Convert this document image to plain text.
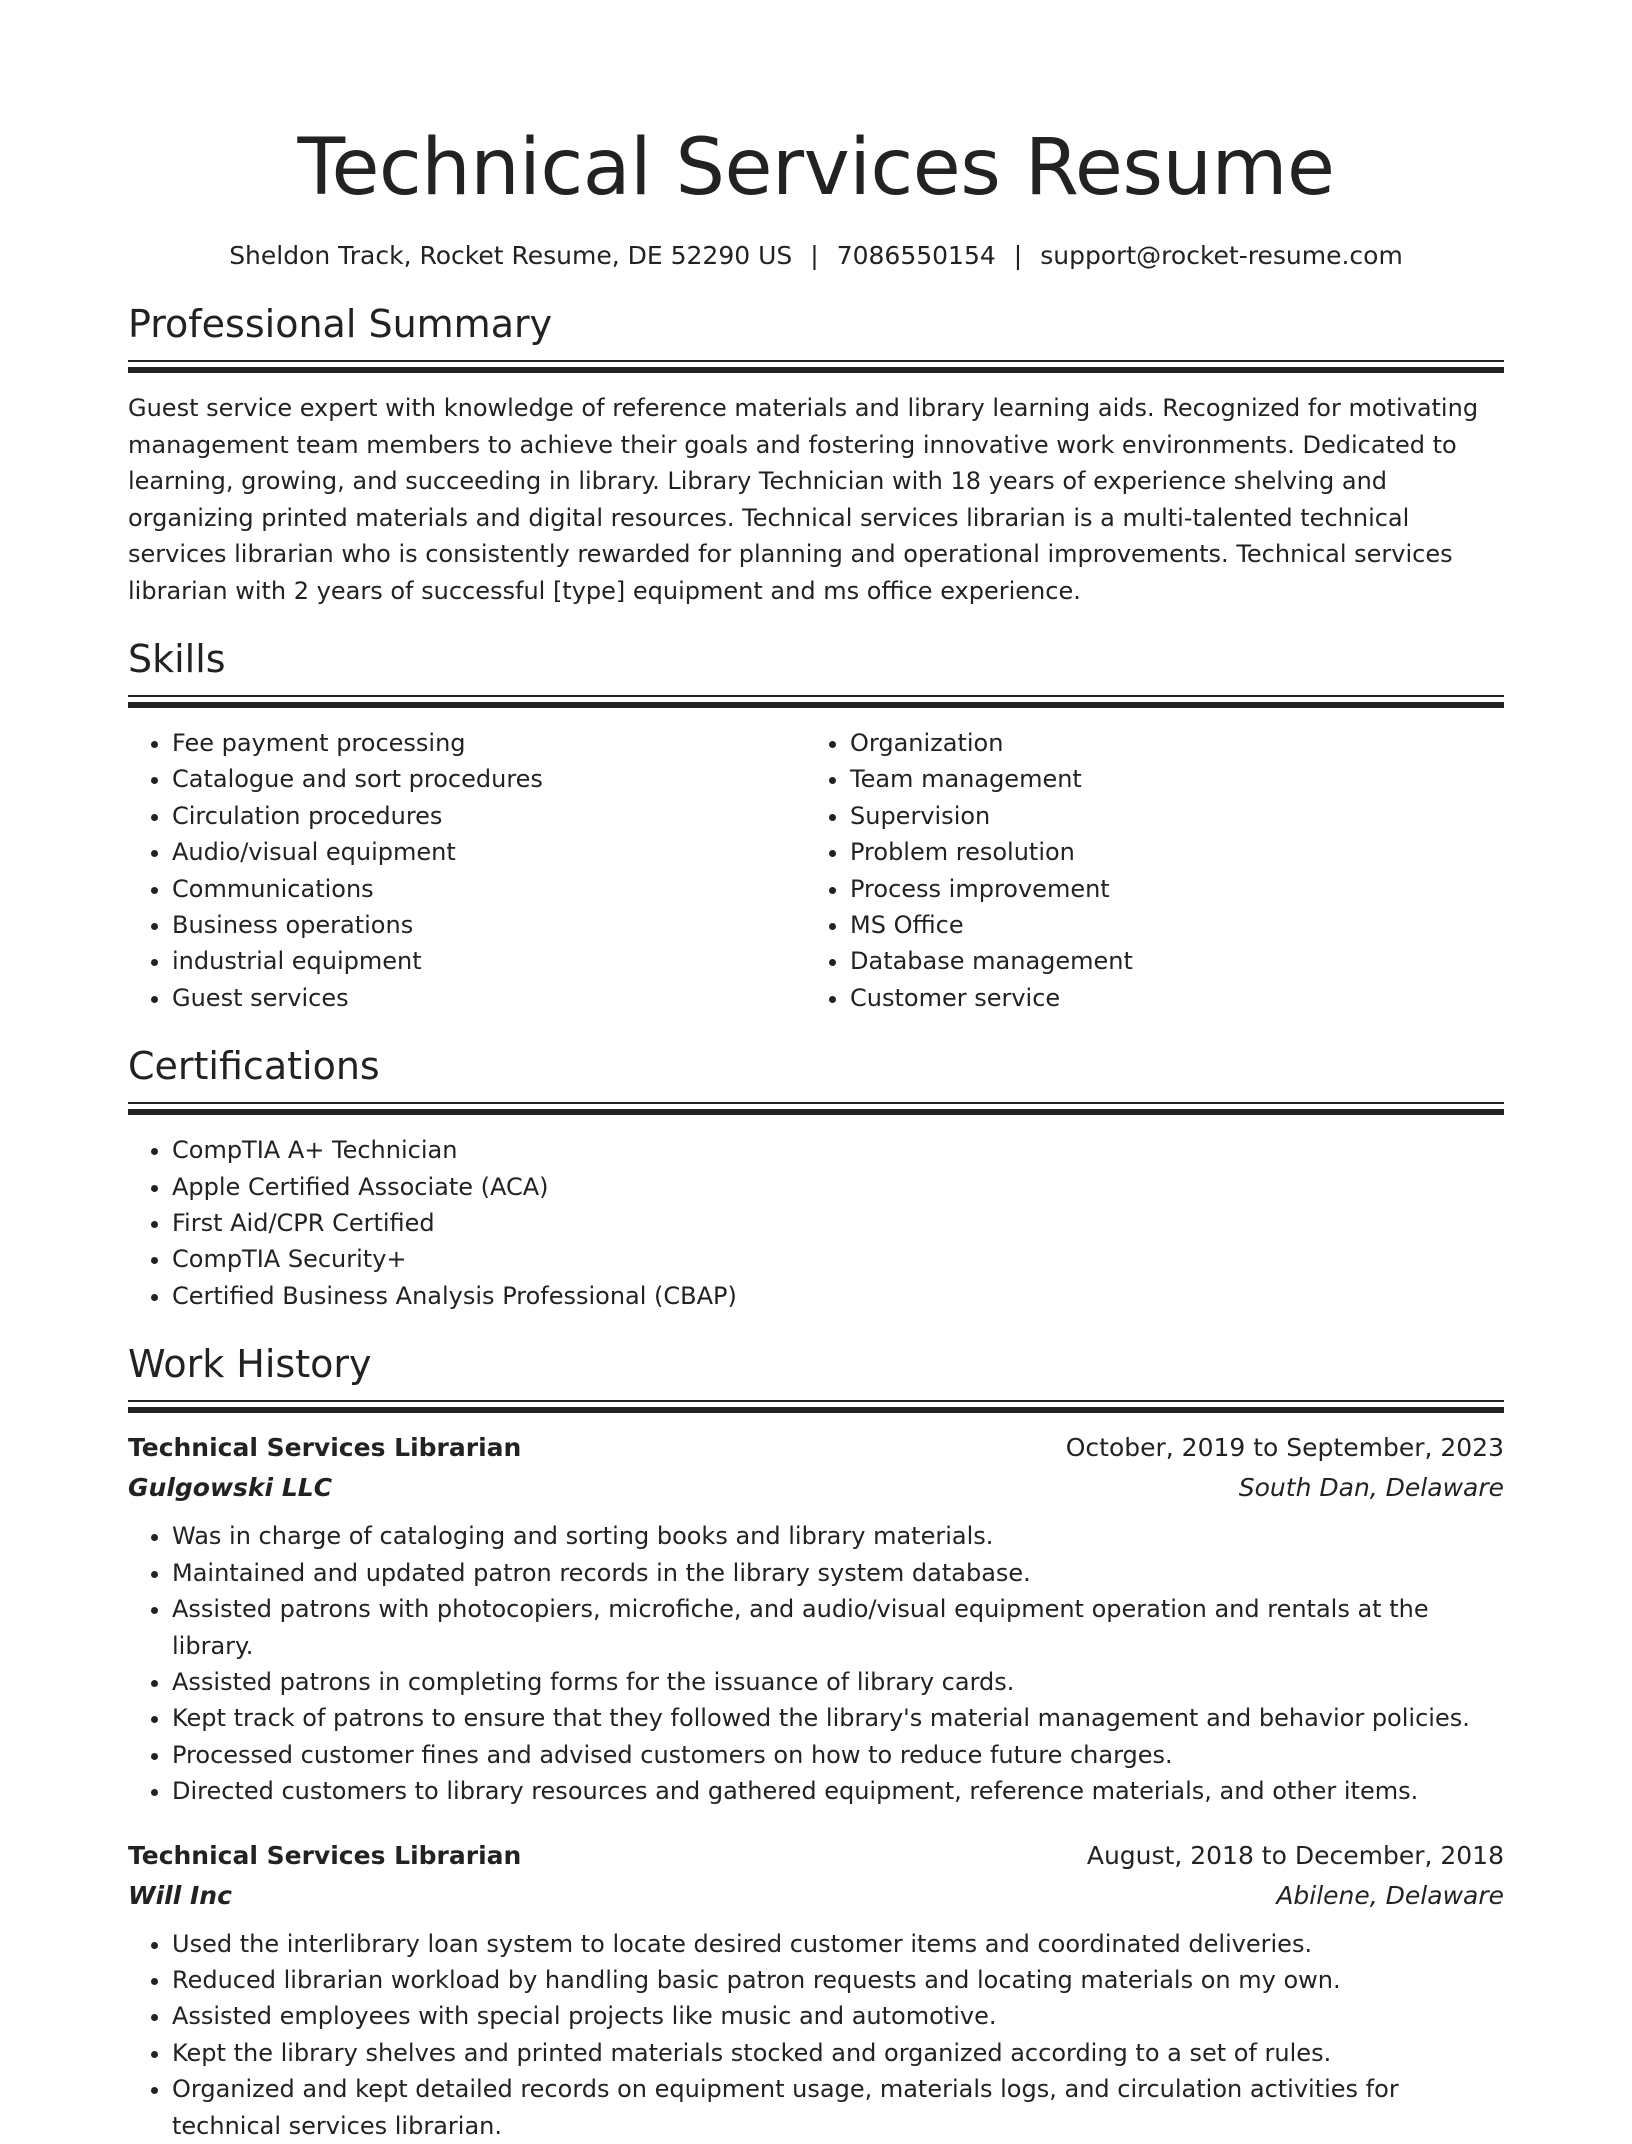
Technical Services Resume
Sheldon Track, Rocket Resume, DE 52290 US | 7086550154 | support@rocket-resume.com
Professional Summary

Guest service expert with knowledge of reference materials and library learning aids. Recognized for motivating management team members to achieve their goals and fostering innovative work environments. Dedicated to learning, growing, and succeeding in library. Library Technician with 18 years of experience shelving and organizing printed materials and digital resources. Technical services librarian is a multi-talented technical services librarian who is consistently rewarded for planning and operational improvements. Technical services librarian with 2 years of successful [type] equipment and ms office experience.

Skills
• Fee payment processing
• Catalogue and sort procedures
• Circulation procedures
• Audio/visual equipment
• Communications
• Business operations
• industrial equipment
• Guest services
• Organization
• Team management
• Supervision
• Problem resolution
• Process improvement
• MS Office
• Database management
• Customer service
Certifications
• CompTIA A+ Technician
• Apple Certified Associate (ACA)
• First Aid/CPR Certified
• CompTIA Security+
• Certified Business Analysis Professional (CBAP)
Work History
Technical Services Librarian	October, 2019 to September, 2023
Gulgowski LLC	South Dan, Delaware
• Was in charge of cataloging and sorting books and library materials.
• Maintained and updated patron records in the library system database.
• Assisted patrons with photocopiers, microfiche, and audio/visual equipment operation and rentals at the library.
• Assisted patrons in completing forms for the issuance of library cards.
• Kept track of patrons to ensure that they followed the library's material management and behavior policies.
• Processed customer fines and advised customers on how to reduce future charges.
• Directed customers to library resources and gathered equipment, reference materials, and other items.
Technical Services Librarian	August, 2018 to December, 2018
Will Inc	Abilene, Delaware
• Used the interlibrary loan system to locate desired customer items and coordinated deliveries.
• Reduced librarian workload by handling basic patron requests and locating materials on my own.
• Assisted employees with special projects like music and automotive.
• Kept the library shelves and printed materials stocked and organized according to a set of rules.
• Organized and kept detailed records on equipment usage, materials logs, and circulation activities for technical services librarian.
